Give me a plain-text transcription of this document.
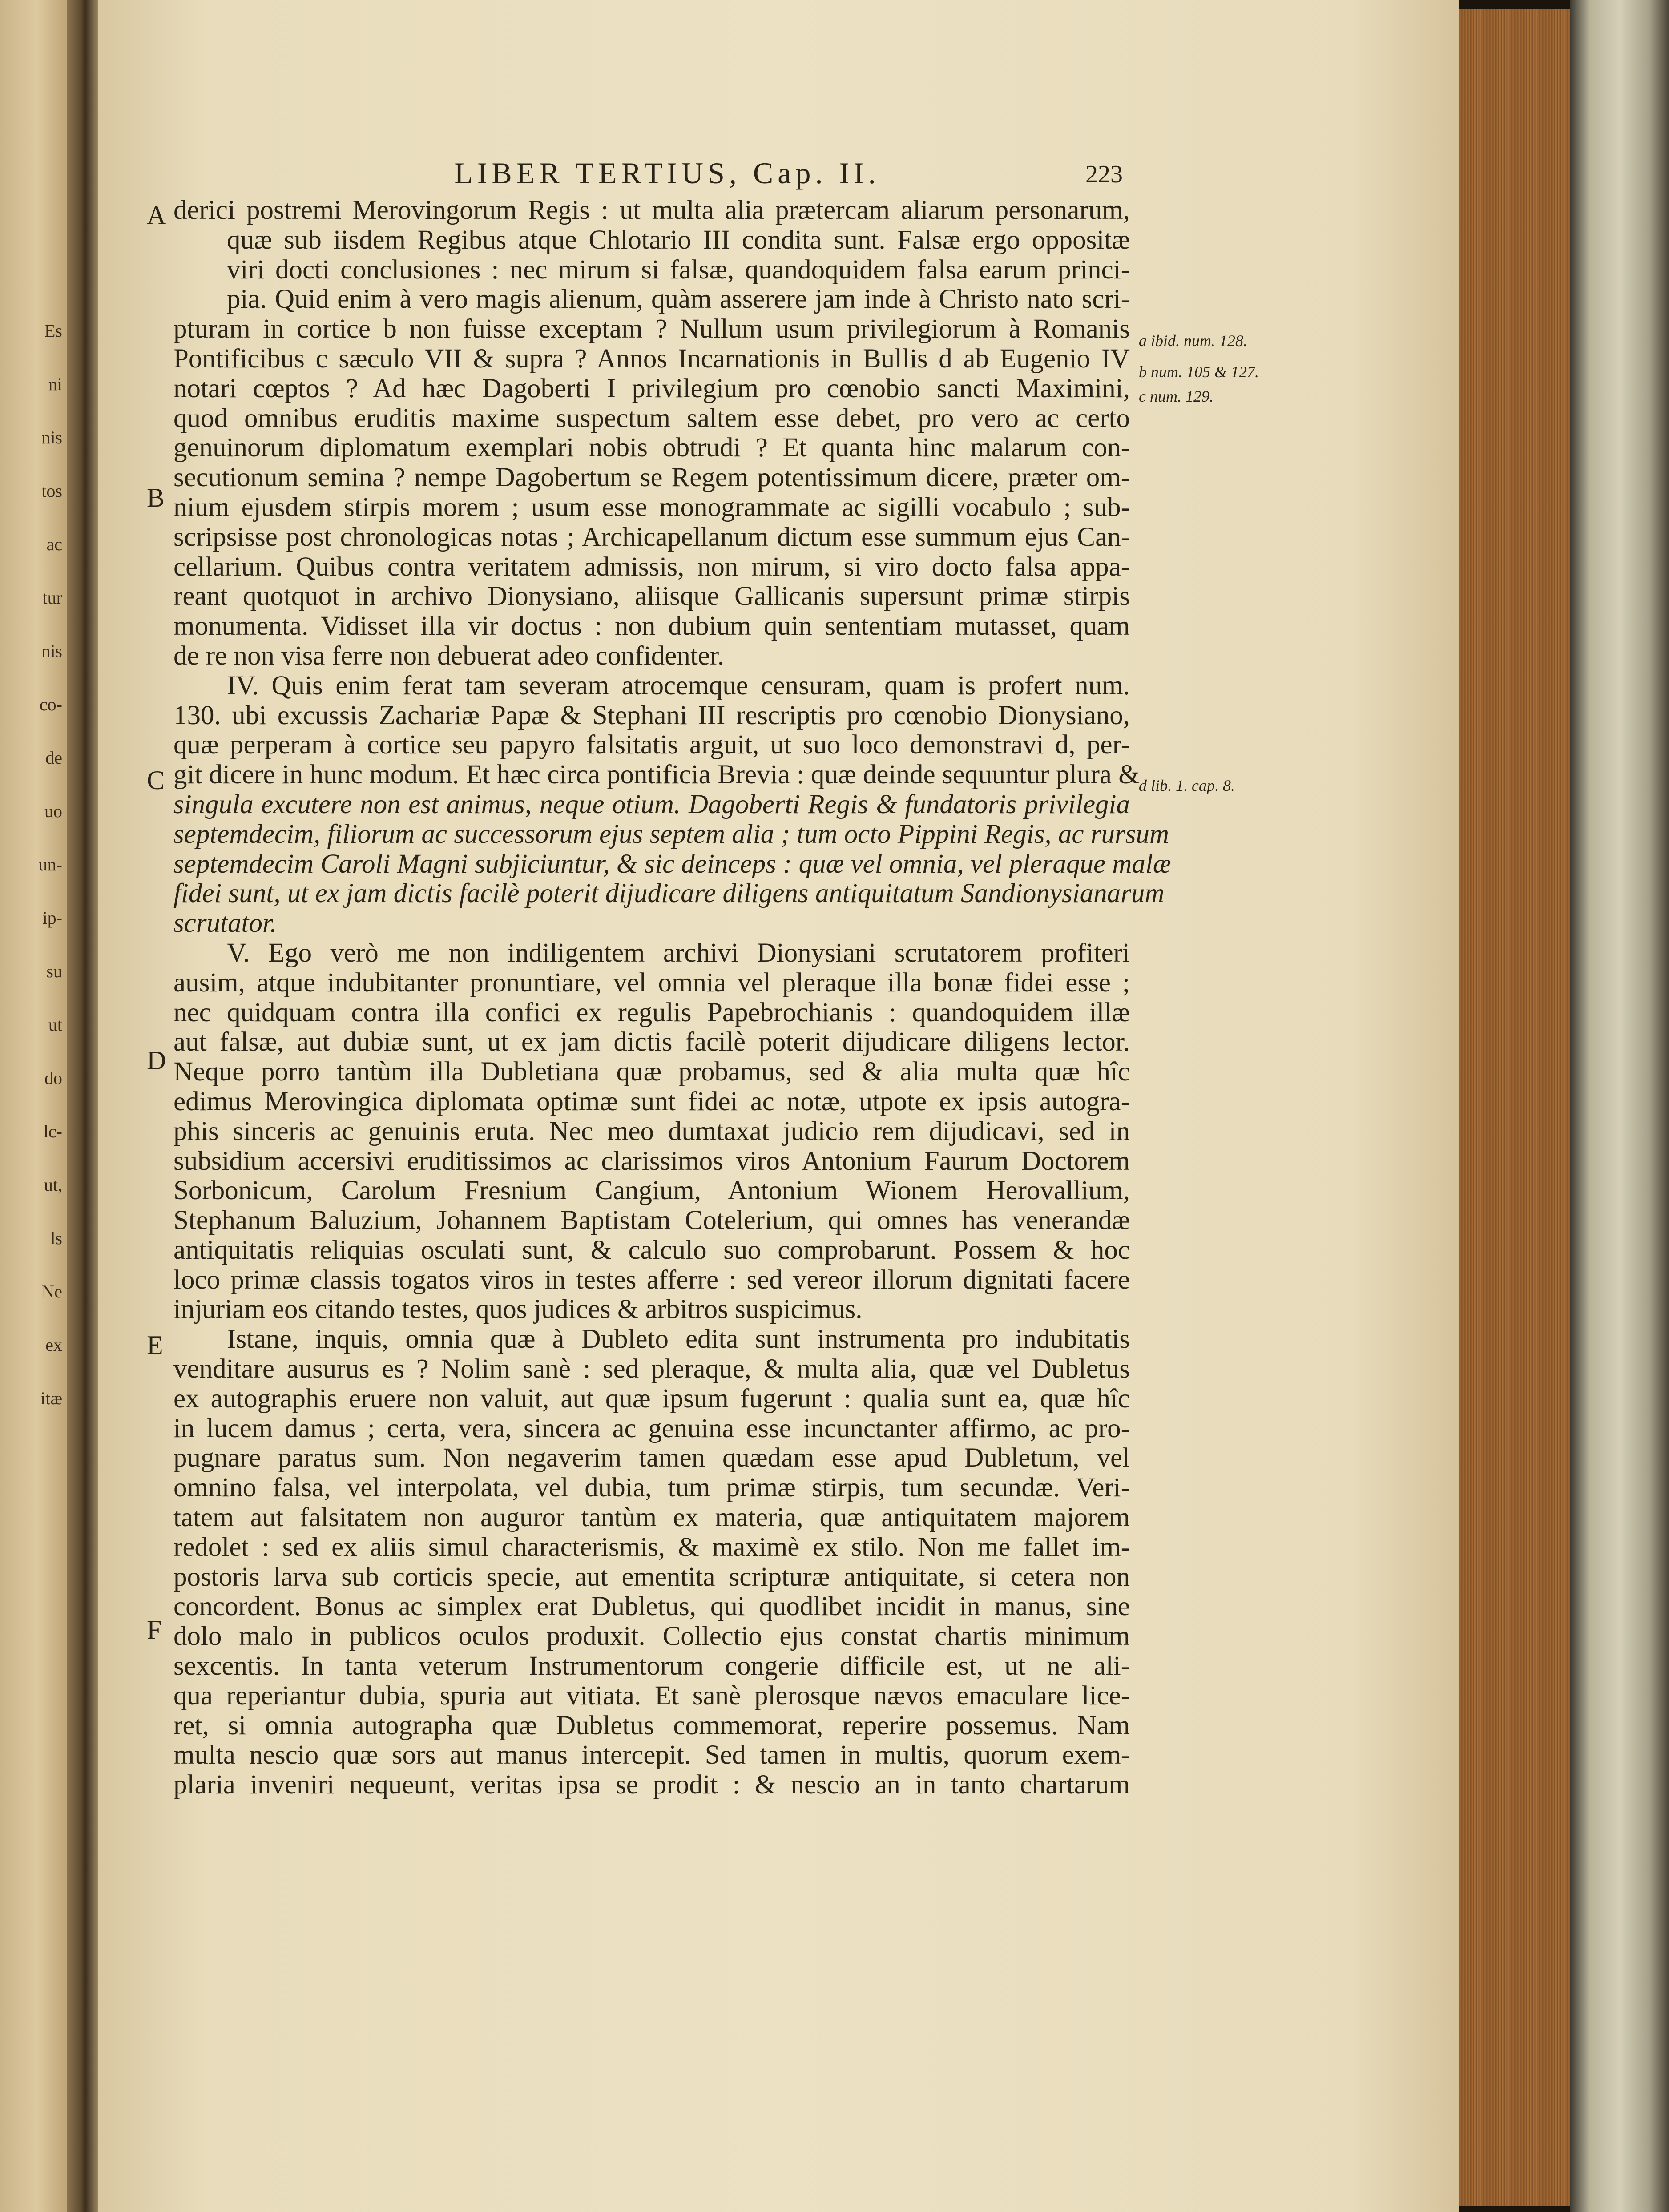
Es
ni
nis
tos
ac
tur
nis
co-
de
uo
un-
ip-
su
ut
do
lc-
ut,
ls
Ne
ex
itæ
LIBER TERTIUS, Cap. II.	223
A
B
C
D
E
F
a ibid. num. 128.
b num. 105 & 127.
c num. 129.
d lib. 1. cap. 8.
derici postremi Merovingorum Regis : ut multa alia prætercam aliarum personarum,
quæ sub iisdem Regibus atque Chlotario III condita sunt. Falsæ ergo oppositæ
viri docti conclusiones : nec mirum si falsæ, quandoquidem falsa earum princi-
pia. Quid enim à vero magis alienum, quàm asserere jam inde à Christo nato scri-
pturam in cortice b non fuisse exceptam ? Nullum usum privilegiorum à Romanis
Pontificibus c sæculo VII & supra ? Annos Incarnationis in Bullis d ab Eugenio IV
notari cœptos ? Ad hæc Dagoberti I privilegium pro cœnobio sancti Maximini,
quod omnibus eruditis maxime suspectum saltem esse debet, pro vero ac certo
genuinorum diplomatum exemplari nobis obtrudi ? Et quanta hinc malarum con-
secutionum semina ? nempe Dagobertum se Regem potentissimum dicere, præter om-
nium ejusdem stirpis morem ; usum esse monogrammate ac sigilli vocabulo ; sub-
scripsisse post chronologicas notas ; Archicapellanum dictum esse summum ejus Can-
cellarium. Quibus contra veritatem admissis, non mirum, si viro docto falsa appa-
reant quotquot in archivo Dionysiano, aliisque Gallicanis supersunt primæ stirpis
monumenta. Vidisset illa vir doctus : non dubium quin sententiam mutasset, quam
de re non visa ferre non debuerat adeo confidenter.
IV. Quis enim ferat tam severam atrocemque censuram, quam is profert num.
130. ubi excussis Zachariæ Papæ & Stephani III rescriptis pro cœnobio Dionysiano,
quæ perperam à cortice seu papyro falsitatis arguit, ut suo loco demonstravi d, per-
git dicere in hunc modum. Et hæc circa pontificia Brevia : quæ deinde sequuntur plura &
singula excutere non est animus, neque otium. Dagoberti Regis & fundatoris privilegia
septemdecim, filiorum ac successorum ejus septem alia ; tum octo Pippini Regis, ac rursum
septemdecim Caroli Magni subjiciuntur, & sic deinceps : quæ vel omnia, vel pleraque malæ
fidei sunt, ut ex jam dictis facilè poterit dijudicare diligens antiquitatum Sandionysianarum
scrutator.
V. Ego verò me non indiligentem archivi Dionysiani scrutatorem profiteri
ausim, atque indubitanter pronuntiare, vel omnia vel pleraque illa bonæ fidei esse ;
nec quidquam contra illa confici ex regulis Papebrochianis : quandoquidem illæ
aut falsæ, aut dubiæ sunt, ut ex jam dictis facilè poterit dijudicare diligens lector.
Neque porro tantùm illa Dubletiana quæ probamus, sed & alia multa quæ hîc
edimus Merovingica diplomata optimæ sunt fidei ac notæ, utpote ex ipsis autogra-
phis sinceris ac genuinis eruta. Nec meo dumtaxat judicio rem dijudicavi, sed in
subsidium accersivi eruditissimos ac clarissimos viros Antonium Faurum Doctorem
Sorbonicum, Carolum Fresnium Cangium, Antonium Wionem Herovallium,
Stephanum Baluzium, Johannem Baptistam Cotelerium, qui omnes has venerandæ
antiquitatis reliquias osculati sunt, & calculo suo comprobarunt. Possem & hoc
loco primæ classis togatos viros in testes afferre : sed vereor illorum dignitati facere
injuriam eos citando testes, quos judices & arbitros suspicimus.
Istane, inquis, omnia quæ à Dubleto edita sunt instrumenta pro indubitatis
venditare ausurus es ? Nolim sanè : sed pleraque, & multa alia, quæ vel Dubletus
ex autographis eruere non valuit, aut quæ ipsum fugerunt : qualia sunt ea, quæ hîc
in lucem damus ; certa, vera, sincera ac genuina esse incunctanter affirmo, ac pro-
pugnare paratus sum. Non negaverim tamen quædam esse apud Dubletum, vel
omnino falsa, vel interpolata, vel dubia, tum primæ stirpis, tum secundæ. Veri-
tatem aut falsitatem non auguror tantùm ex materia, quæ antiquitatem majorem
redolet : sed ex aliis simul characterismis, & maximè ex stilo. Non me fallet im-
postoris larva sub corticis specie, aut ementita scripturæ antiquitate, si cetera non
concordent. Bonus ac simplex erat Dubletus, qui quodlibet incidit in manus, sine
dolo malo in publicos oculos produxit. Collectio ejus constat chartis minimum
sexcentis. In tanta veterum Instrumentorum congerie difficile est, ut ne ali-
qua reperiantur dubia, spuria aut vitiata. Et sanè plerosque nævos emaculare lice-
ret, si omnia autographa quæ Dubletus commemorat, reperire possemus. Nam
multa nescio quæ sors aut manus intercepit. Sed tamen in multis, quorum exem-
plaria inveniri nequeunt, veritas ipsa se prodit : & nescio an in tanto chartarum
